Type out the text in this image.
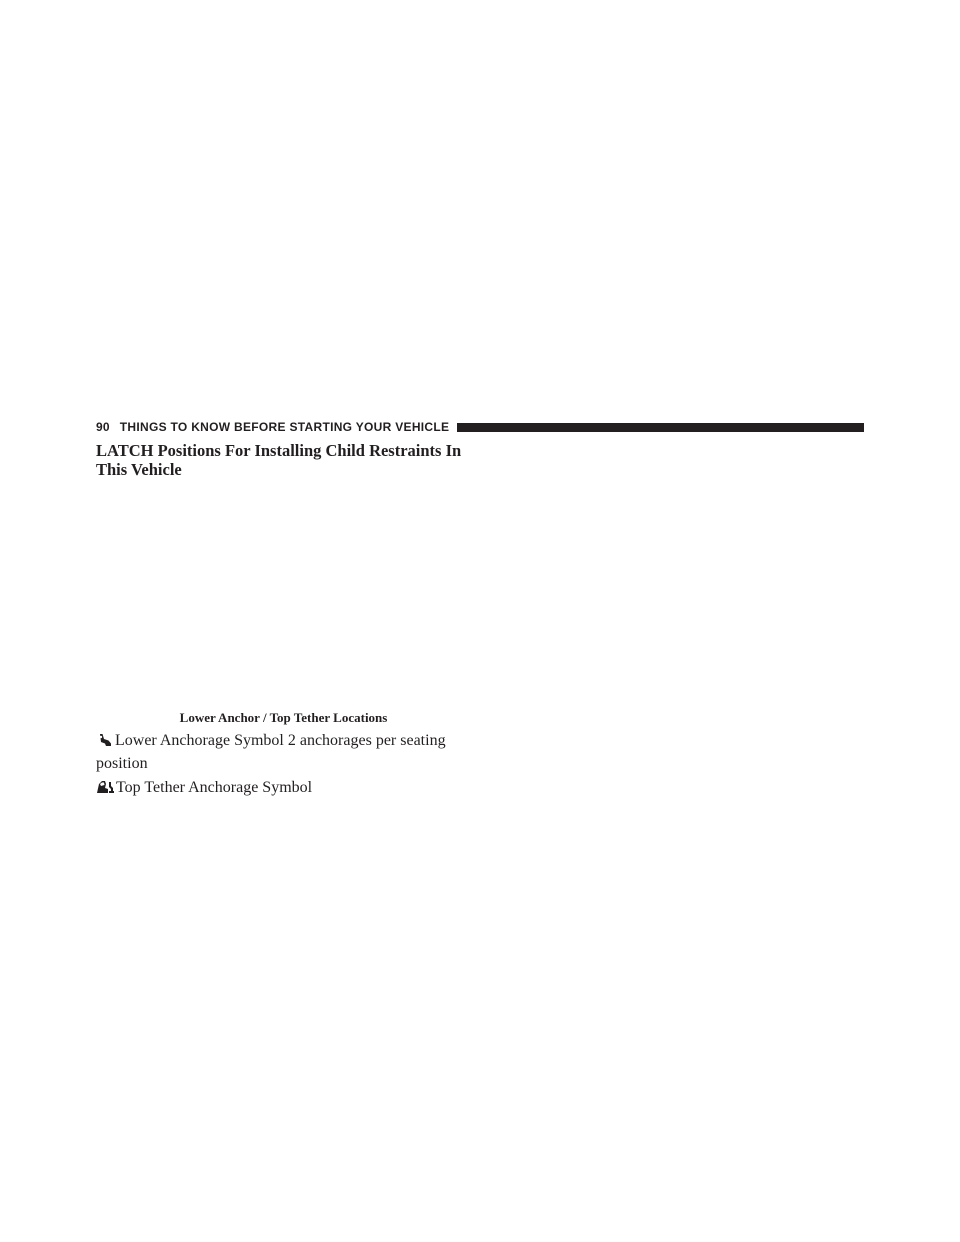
90 THINGS TO KNOW BEFORE STARTING YOUR VEHICLE
LATCH Positions For Installing Child Restraints In This Vehicle
Lower Anchor / Top Tether Locations

Lower Anchorage Symbol 2 anchorages per seating position

Top Tether Anchorage Symbol
